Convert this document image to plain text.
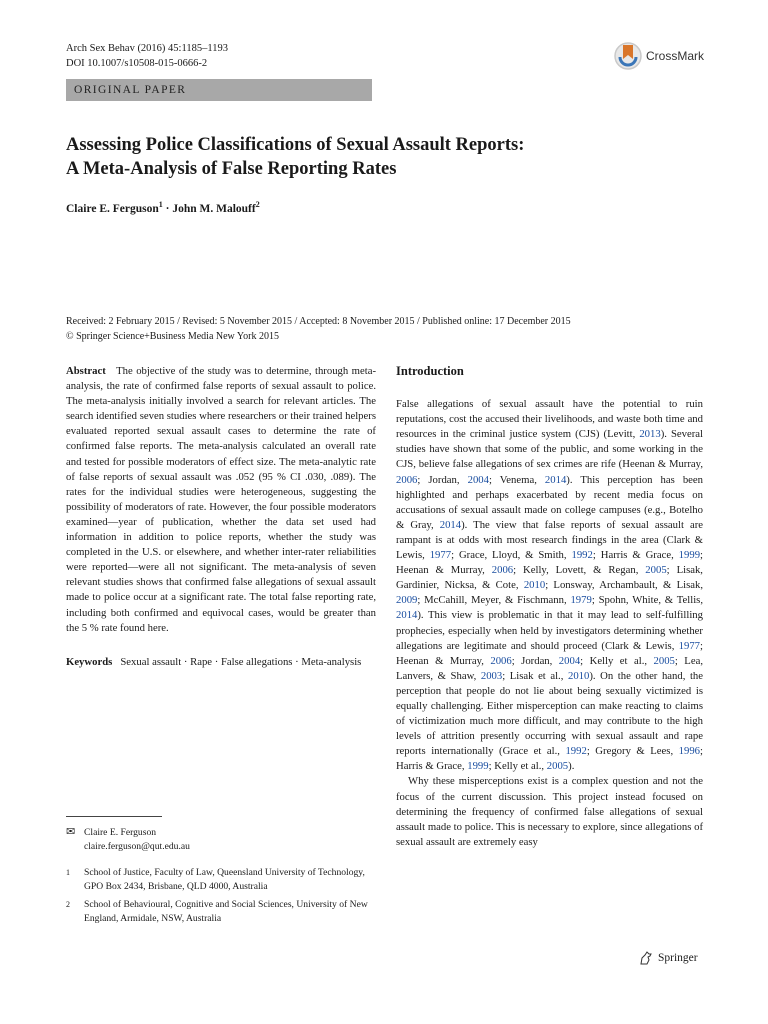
Arch Sex Behav (2016) 45:1185–1193
DOI 10.1007/s10508-015-0666-2
CrossMark
ORIGINAL PAPER
Assessing Police Classifications of Sexual Assault Reports:
A Meta-Analysis of False Reporting Rates
Claire E. Ferguson$^1$ · John M. Malouff$^2$
Received: 2 February 2015 / Revised: 5 November 2015 / Accepted: 8 November 2015 / Published online: 17 December 2015
© Springer Science+Business Media New York 2015

Abstract The objective of the study was to determine, through meta-analysis, the rate of confirmed false reports of sexual assault to police. The meta-analysis initially involved a search for relevant articles. The search identified seven studies where researchers or their trained helpers evaluated reported sexual assault cases to determine the rate of confirmed false reports. The meta-analysis calculated an overall rate and tested for possible moderators of effect size. The meta-analytic rate of false reports of sexual assault was .052 (95 % CI .030, .089). The rates for the individual studies were heterogeneous, suggesting the possibility of moderators of rate. However, the four possible moderators examined—year of publication, whether the data set used had information in addition to police reports, whether the study was completed in the U.S. or elsewhere, and whether inter-rater reliabilities were reported—were all not significant. The meta-analysis of seven relevant studies shows that confirmed false allegations of sexual assault made to police occur at a significant rate. The total false reporting rate, including both confirmed and equivocal cases, would be greater than the 5 % rate found here.

Keywords Sexual assault · Rape · False allegations · Meta-analysis

✉ Claire E. Ferguson
claire.ferguson@qut.edu.au
1	School of Justice, Faculty of Law, Queensland University of Technology, GPO Box 2434, Brisbane, QLD 4000, Australia
2	School of Behavioural, Cognitive and Social Sciences, University of New England, Armidale, NSW, Australia
Introduction

False allegations of sexual assault have the potential to ruin reputations, cost the accused their livelihoods, and waste both time and resources in the criminal justice system (CJS) (Levitt, 2013). Several studies have shown that some of the public, and some working in the CJS, believe false allegations of sex crimes are rife (Heenan & Murray, 2006; Jordan, 2004; Venema, 2014). This perception has been highlighted and perhaps exacerbated by recent media focus on accusations of sexual assault made on college campuses (e.g., Botelho & Gray, 2014). The view that false reports of sexual assault are rampant is at odds with most research findings in the area (Clark & Lewis, 1977; Grace, Lloyd, & Smith, 1992; Harris & Grace, 1999; Heenan & Murray, 2006; Kelly, Lovett, & Regan, 2005; Lisak, Gardinier, Nicksa, & Cote, 2010; Lonsway, Archambault, & Lisak, 2009; McCahill, Meyer, & Fischmann, 1979; Spohn, White, & Tellis, 2014). This view is problematic in that it may lead to self-fulfilling prophecies, especially when held by investigators determining whether allegations are legitimate and should proceed (Clark & Lewis, 1977; Heenan & Murray, 2006; Jordan, 2004; Kelly et al., 2005; Lea, Lanvers, & Shaw, 2003; Lisak et al., 2010). On the other hand, the perception that people do not lie about being sexually victimized is equally challenging. Either misperception can make reacting to claims of victimization much more difficult, and may contribute to the high levels of attrition presently occurring with sexual assault and rape reports internationally (Grace et al., 1992; Gregory & Lees, 1996; Harris & Grace, 1999; Kelly et al., 2005).

Why these misperceptions exist is a complex question and not the focus of the current discussion. This project instead focused on determining the frequency of confirmed false allegations of sexual assault made to police. This is necessary to explore, since allegations of sexual assault are extremely easy

Springer
